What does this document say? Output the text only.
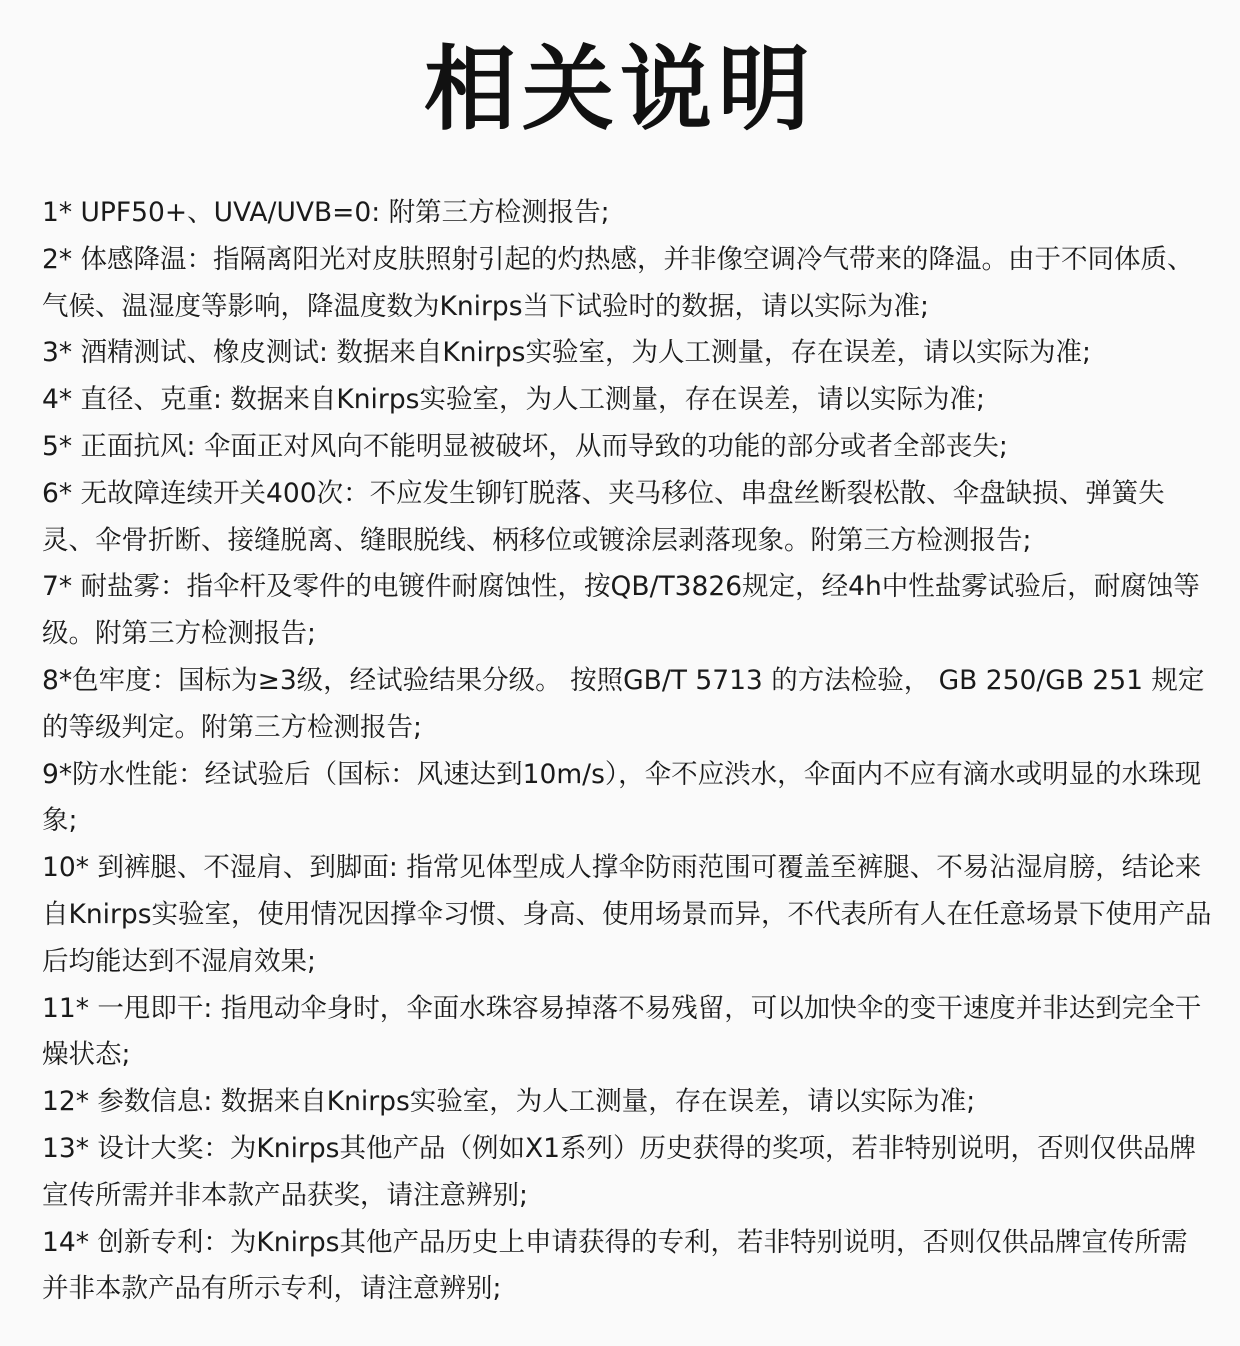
相关说明
1* UPF50+、UVA/UVB=0: 附第三方检测报告;
2* 体感降温：指隔离阳光对皮肤照射引起的灼热感，并非像空调冷气带来的降温。由于不同体质、气候、温湿度等影响，降温度数为Knirps当下试验时的数据，请以实际为准;
3* 酒精测试、橡皮测试: 数据来自Knirps实验室，为人工测量，存在误差，请以实际为准;
4* 直径、克重: 数据来自Knirps实验室，为人工测量，存在误差，请以实际为准;
5* 正面抗风: 伞面正对风向不能明显被破坏，从而导致的功能的部分或者全部丧失;
6* 无故障连续开关400次：不应发生铆钉脱落、夹马移位、串盘丝断裂松散、伞盘缺损、弹簧失灵、伞骨折断、接缝脱离、缝眼脱线、柄移位或镀涂层剥落现象。附第三方检测报告;
7* 耐盐雾：指伞杆及零件的电镀件耐腐蚀性，按QB/T3826规定，经4h中性盐雾试验后，耐腐蚀等级。附第三方检测报告;
8*色牢度：国标为≥3级，经试验结果分级。 按照GB/T 5713 的方法检验， GB 250/GB 251 规定的等级判定。附第三方检测报告;
9*防水性能：经试验后（国标：风速达到10m/s），伞不应渋水，伞面内不应有滴水或明显的水珠现象;
10* 到裤腿、不湿肩、到脚面: 指常见体型成人撑伞防雨范围可覆盖至裤腿、不易沾湿肩膀，结论来自Knirps实验室，使用情况因撑伞习惯、身高、使用场景而异，不代表所有人在任意场景下使用产品后均能达到不湿肩效果;
11* 一甩即干: 指甩动伞身时，伞面水珠容易掉落不易残留，可以加快伞的变干速度并非达到完全干燥状态;
12* 参数信息: 数据来自Knirps实验室，为人工测量，存在误差，请以实际为准;
13* 设计大奖：为Knirps其他产品（例如X1系列）历史获得的奖项，若非特别说明，否则仅供品牌宣传所需并非本款产品获奖，请注意辨别;
14* 创新专利：为Knirps其他产品历史上申请获得的专利，若非特别说明，否则仅供品牌宣传所需并非本款产品有所示专利，请注意辨别;
